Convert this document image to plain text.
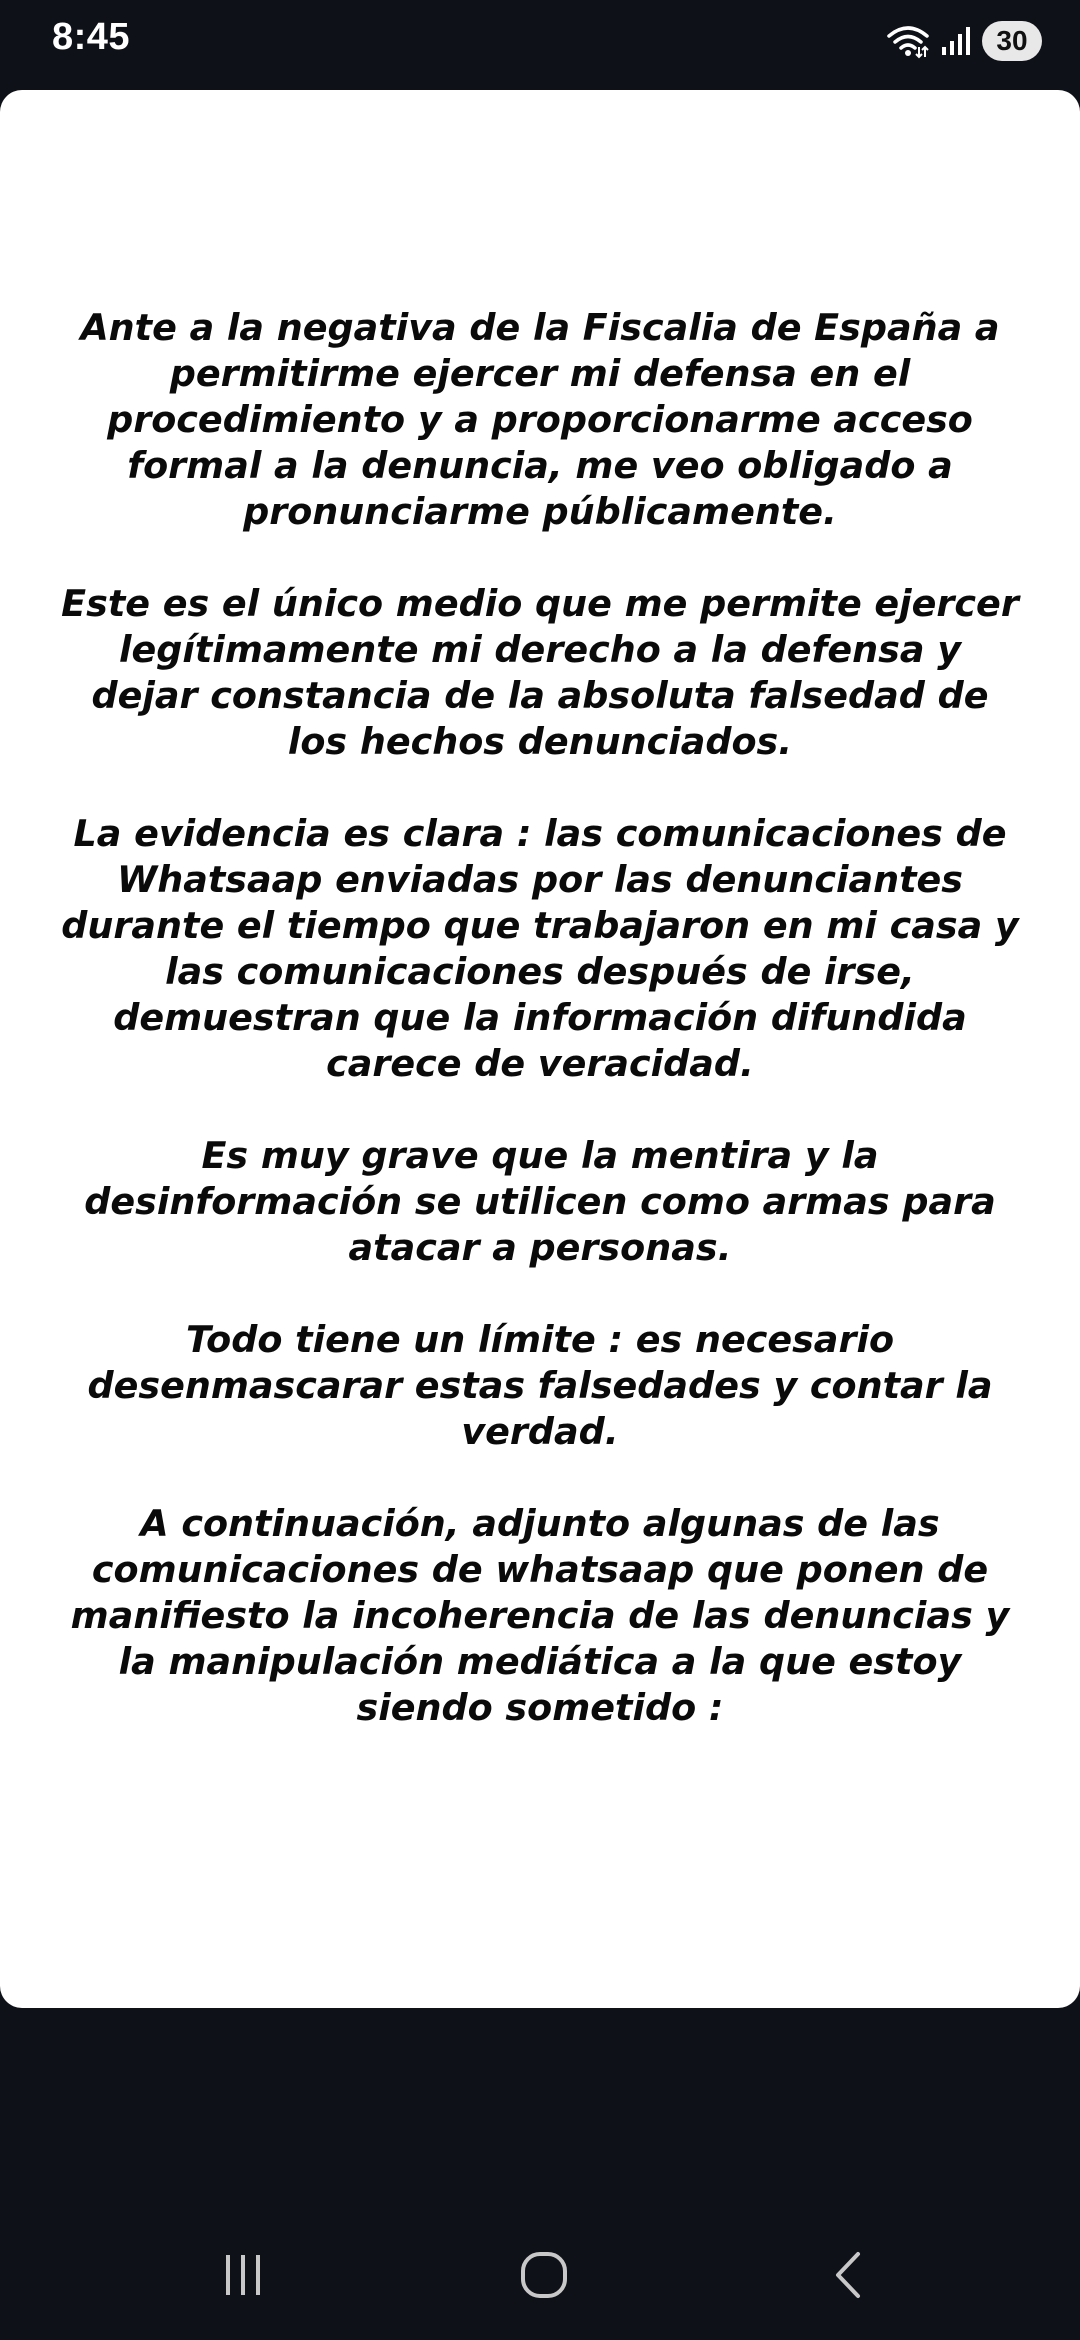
8:45	30

Ante a la negativa de la Fiscalia de España a permitirme ejercer mi defensa en el procedimiento y a proporcionarme acceso formal a la denuncia, me veo obligado a pronunciarme públicamente.

Este es el único medio que me permite ejercer legítimamente mi derecho a la defensa y dejar constancia de la absoluta falsedad de los hechos denunciados.

La evidencia es clara : las comunicaciones de Whatsaap enviadas por las denunciantes durante el tiempo que trabajaron en mi casa y las comunicaciones después de irse, demuestran que la información difundida carece de veracidad.

Es muy grave que la mentira y la desinformación se utilicen como armas para atacar a personas.

Todo tiene un límite : es necesario desenmascarar estas falsedades y contar la verdad.

A continuación, adjunto algunas de las comunicaciones de whatsaap que ponen de manifiesto la incoherencia de las denuncias y la manipulación mediática a la que estoy siendo sometido :
